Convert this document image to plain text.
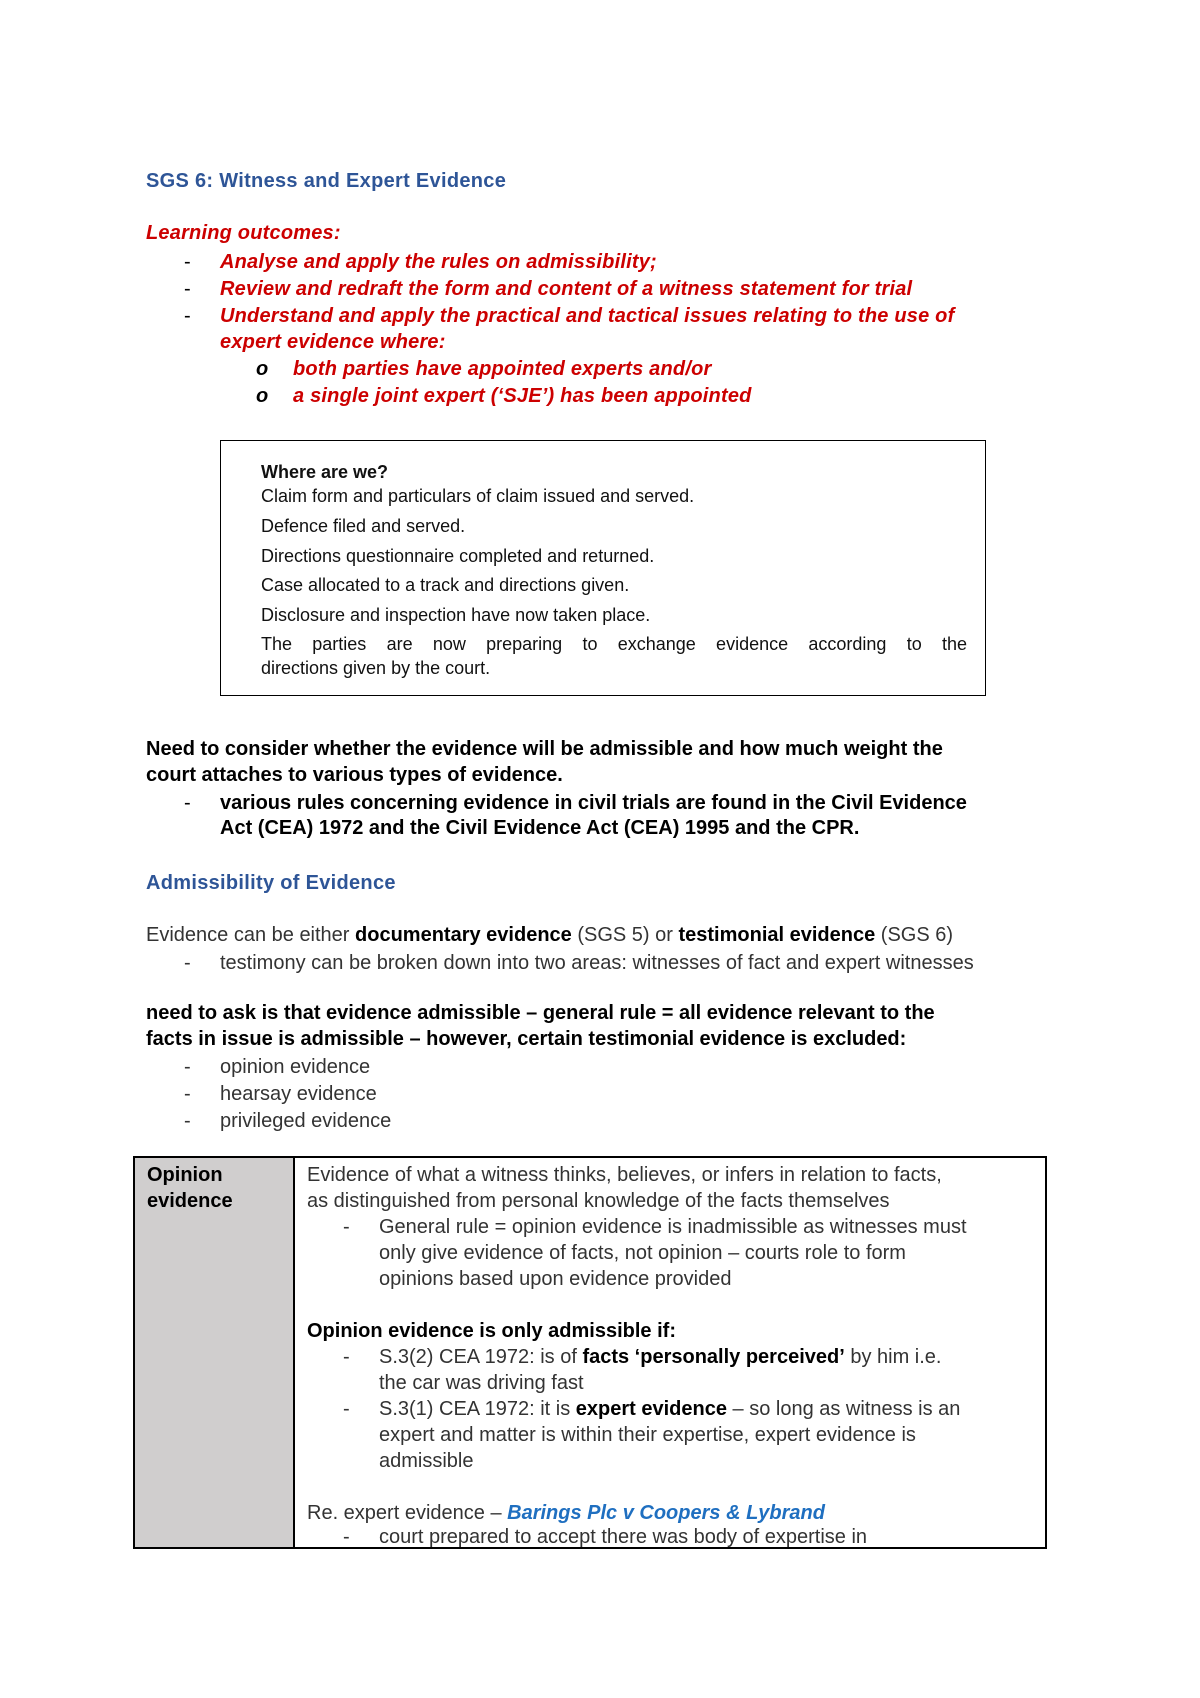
SGS 6: Witness and Expert Evidence
Learning outcomes:
-	Analyse and apply the rules on admissibility;
-	Review and redraft the form and content of a witness statement for trial
-	Understand and apply the practical and tactical issues relating to the use of
expert evidence where:
o both parties have appointed experts and/or
o a single joint expert (‘SJE’) has been appointed
Where are we?
Claim form and particulars of claim issued and served.
Defence filed and served.
Directions questionnaire completed and returned.
Case allocated to a track and directions given.
Disclosure and inspection have now taken place.
The parties are now preparing to exchange evidence according to the
directions given by the court.
Need to consider whether the evidence will be admissible and how much weight the
court attaches to various types of evidence.
-	various rules concerning evidence in civil trials are found in the Civil Evidence
Act (CEA) 1972 and the Civil Evidence Act (CEA) 1995 and the CPR.
Admissibility of Evidence
Evidence can be either documentary evidence (SGS 5) or testimonial evidence (SGS 6)
-	testimony can be broken down into two areas: witnesses of fact and expert witnesses
need to ask is that evidence admissible – general rule = all evidence relevant to the
facts in issue is admissible – however, certain testimonial evidence is excluded:
-	opinion evidence
-	hearsay evidence
-	privileged evidence
Opinion
evidence

Evidence of what a witness thinks, believes, or infers in relation to facts,
as distinguished from personal knowledge of the facts themselves
- General rule = opinion evidence is inadmissible as witnesses must
only give evidence of facts, not opinion – courts role to form
opinions based upon evidence provided
Opinion evidence is only admissible if:
- S.3(2) CEA 1972: is of facts ‘personally perceived’ by him i.e.
the car was driving fast
- S.3(1) CEA 1972: it is expert evidence – so long as witness is an
expert and matter is within their expertise, expert evidence is
admissible
Re. expert evidence – Barings Plc v Coopers & Lybrand
- court prepared to accept there was body of expertise in
